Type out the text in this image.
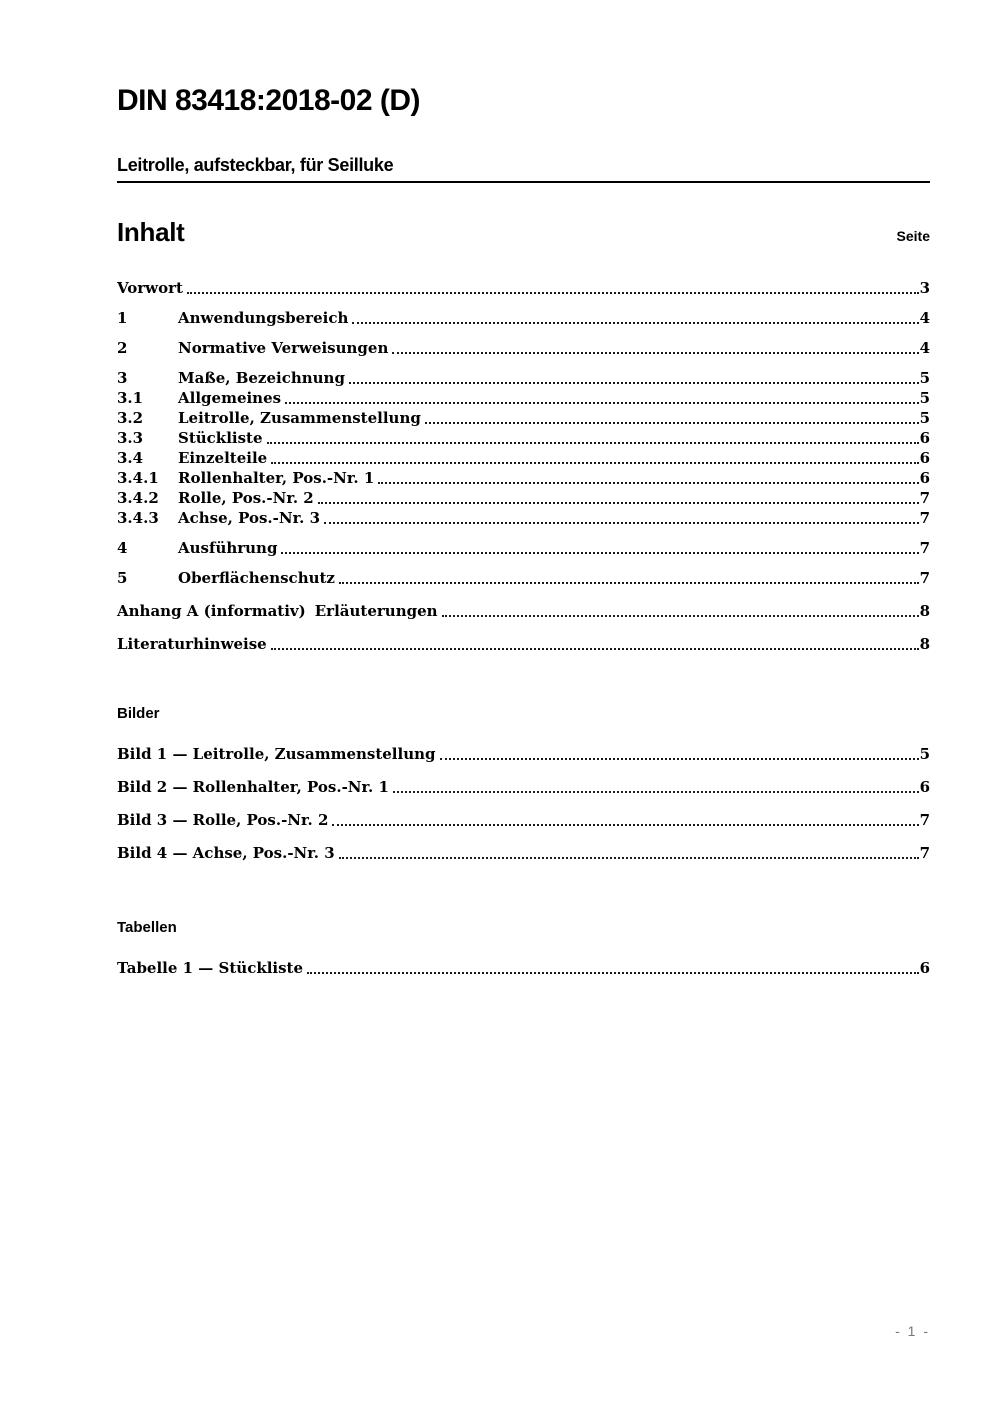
DIN 83418:2018-02 (D)
Leitrolle, aufsteckbar, für Seilluke
Inhalt	Seite
Vorwort	3
1	Anwendungsbereich	4
2	Normative Verweisungen	4
3	Maße, Bezeichnung	5
3.1	Allgemeines	5
3.2	Leitrolle, Zusammenstellung	5
3.3	Stückliste	6
3.4	Einzelteile	6
3.4.1	Rollenhalter, Pos.-Nr. 1	6
3.4.2	Rolle, Pos.-Nr. 2	7
3.4.3	Achse, Pos.-Nr. 3	7
4	Ausführung	7
5	Oberflächenschutz	7
Anhang A (informativ) Erläuterungen	8
Literaturhinweise	8
Bilder
Bild 1 — Leitrolle, Zusammenstellung	5
Bild 2 — Rollenhalter, Pos.-Nr. 1	6
Bild 3 — Rolle, Pos.-Nr. 2	7
Bild 4 — Achse, Pos.-Nr. 3	7
Tabellen
Tabelle 1 — Stückliste	6
- 1 -
